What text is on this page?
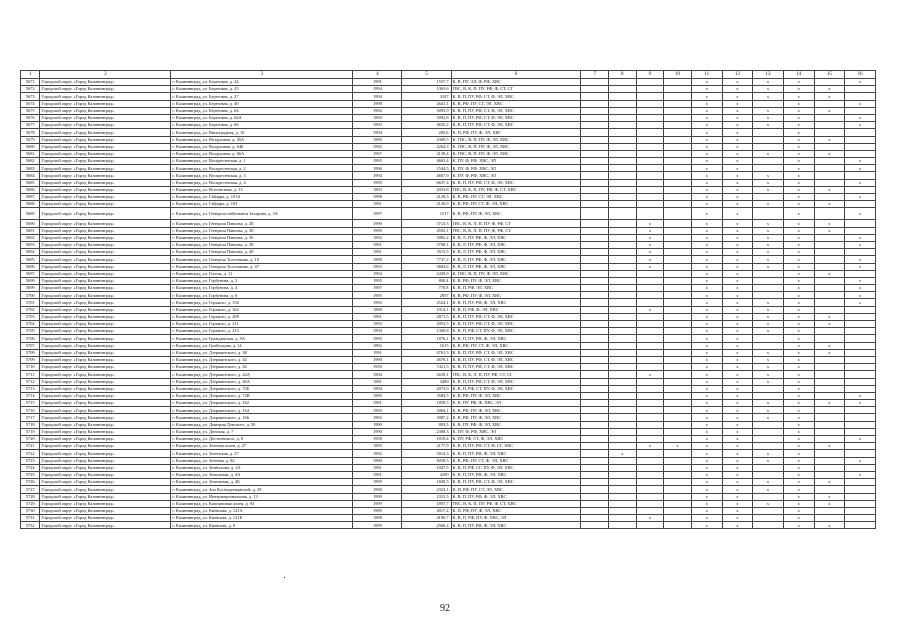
1	2	3	4	5	6	7	8	9	10	11	12	13	14	15	16
5671	Городской округ «Город Калининград»	г. Калининград, ул. Береговая, д. 24	1991	1557,7	К, В, ПУ, ЭЛ, Ф, РФ, ХВС					х	х	х	х		х
5672	Городской округ «Город Калининград»	г. Калининград, ул. Береговая, д. 25	1994	1365,6	ГВС, В, К, П, ПУ, РФ, Ф, СТ, СГ					х	х	х	х	х	
5673	Городской округ «Город Калининград»	г. Калининград, ул. Береговая, д. 27	1994	3107	К, В, П, ПУ, РФ, СТ, Ф, ЭЛ, ХВС					х	х	х	х	х	
5674	Городской округ «Город Калининград»	г. Калининград, ул. Береговая, д. 40	1998	2641,1	К, В, РФ, ПУ, СТ, ЭЛ, ХВС					х	х		х		х
5675	Городской округ «Город Калининград»	г. Калининград, ул. Береговая, д. 64	1992	3093,9	К, В, П, ПУ, РФ, СТ, Ф, ЭЛ, ХВС					х	х	х	х	х	
5676	Городской округ «Город Калининград»	г. Калининград, ул. Береговая, д. 64А	1994	3092,8	К, В, П, ПУ, РФ, СТ, Ф, ЭЛ, ХВС					х	х	х	х		х
5677	Городской округ «Город Калининград»	г. Калининград, ул. Береговая, д. 66	1993	4635,2	К, В, П, ПУ, РФ, СТ, Ф, ЭЛ, ХВС					х	х	х	х		х
5678	Городской округ «Город Калининград»	г. Калининград, ул. Виноградная, д. 10	1994	285,6	К, П, РФ, ПУ, Ф, ЭЛ, ХВС					х	х		х		
5679	Городской округ «Город Калининград»	г. Калининград, ул. Воздушная, д. 45А	1995	2369,5	К, ГВС, В, П, ПУ, Ф, ЭЛ, ХВС					х	х		х	х	
5680	Городской округ «Город Калининград»	г. Калининград, ул. Воздушная, д. 64Б	1992	2264,3	К, ГВС, В, П, ПУ, Ф, ЭЛ, ХВС					х	х		х		
5681	Городской округ «Город Калининград»	г. Калининград, ул. Воздушная, д. 66А	1997	2139,4	К, ГВС, В, П, ПУ, Ф, ЭЛ, ХВС					х	х	х	х	х	
5682	Городской округ «Город Калининград»	г. Калининград, ул. Воскресенская, д. 1	1995	4663,4	К, ПУ, Ф, РФ, ХВС, ЭЛ					х	х		х		х
5683	Городской округ «Город Калининград»	г. Калининград, ул. Воскресенская, д. 2	1996	1544,5	К, ПУ, Ф, РФ, ХВС, ЭЛ					х	х		х		х
5684	Городской округ «Город Калининград»	г. Калининград, ул. Воскресенская, д. 3	1994	4667,9	К, ПУ, Ф, РФ, ХВС, ЭЛ					х	х	х	х		
5685	Городской округ «Город Калининград»	г. Калининград, ул. Воскресенская, д. 4	1995	6637,4	К, В, П, ПУ, РФ, СТ, Ф, ЭЛ, ХВС					х	х	х	х		х
5686	Городской округ «Город Калининград»	г. Калининград, ул. Всесоюзная, д. 13	1993	2033,8	ГВС, В, К, П, ПУ, РФ, Ф, СТ, ХВС					х	х	х	х	х	
5687	Городской округ «Город Калининград»	г. Калининград, ул. Гайдара, д. 101А	1998	2128,3	К, В, РФ, ПУ, СТ, ЭЛ, ХВС					х	х		х		х
5688	Городской округ «Город Калининград»	г. Калининград, ул. Гайдара, д. 103	1991	2120,9	К, В, РФ, ПУ, СТ, Ф, ЭЛ, ХВС					х	х	х	х	х	
5689	Городской округ «Город Калининград»	г. Калининград, ул. Генерала-лейтенанта Захарова, д. 3А	1997	1517	К, В, РФ, ПУ, Ф, ЭЛ, ХВС					х	х		х		х
5690	Городской округ «Город Калининград»	г. Калининград, ул. Генерала Павлова, д. 28	1990	3713,3	ГВС, В, К, Л, П, ПУ, Ф, РФ, СТ			х		х	х	х	х	х	
5691	Городской округ «Город Калининград»	г. Калининград, ул. Генерала Павлова, д. 30	1990	4592,1	ГВС, В, К, Л, П, ПУ, Ф, РФ, СТ			х		х	х	х	х	х	
5692	Городской округ «Город Калининград»	г. Калининград, ул. Генерала Павлова, д. 36	1992	3082,2	К, В, Л, ПУ, РФ, Ф, ЭЛ, ХВС			х		х	х	х	х		х
5693	Городской округ «Город Калининград»	г. Калининград, ул. Генерала Павлова, д. 38	1991	3708,1	К, В, Л, ПУ, РФ, Ф, ЭЛ, ХВС			х		х	х	х	х		х
5694	Городской округ «Город Калининград»	г. Калининград, ул. Генерала Павлова, д. 40	1991	3513,5	К, В, Л, ПУ, РФ, Ф, ЭЛ, ХВС			х		х	х	х	х		
5695	Городской округ «Город Калининград»	г. Калининград, ул. Генерала Толстикова, д. 19	1990	7737,2	К, В, Л, ПУ, РФ, Ф, ЭЛ, ХВС			х		х	х	х	х		х
5696	Городской округ «Город Калининград»	г. Калининград, ул. Генерала Толстикова, д. 47	1993	5684,6	К, В, Л, ПУ, РФ, Ф, ЭЛ, ХВС			х		х	х	х	х		х
5697	Городской округ «Город Калининград»	г. Калининград, ул. Гоголя, д. 11	1994	2439,9	К, ГВС, В, П, ПУ, Ф, ЭЛ, ХВС					х	х		х	х	
5698	Городской округ «Город Калининград»	г. Калининград, ул. Горбунова, д. 2	1995	800,4	К, В, РФ, ПУ, Ф, ЭЛ, ХВС					х	х		х		х
5699	Городской округ «Город Калининград»	г. Калининград, ул. Горбунова, д. 4	1997	770,8	К, В, П, РФ, ЭЛ, ХВС					х	х		х		х
5700	Городской округ «Город Калининград»	г. Калининград, ул. Горбунова, д. 6	1995	2957	К, В, РФ, ПУ, Ф, ЭЛ, ХВС					х	х		х		х
5701	Городской округ «Город Калининград»	г. Калининград, ул. Горького, д. 156	1993	2524,1	К, В, П, ПУ, РФ, Ф, ЭЛ, ХВС					х	х	х	х		х
5702	Городской округ «Город Калининград»	г. Калининград, ул. Горького, д. 162	1990	1014,1	К, В, П, РФ, Ф, ЭЛ, ХВС			х		х	х	х	х		
5703	Городской округ «Город Калининград»	г. Калининград, ул. Горького, д. 209	1991	2871,5	К, В, П, ПУ, РФ, СТ, Ф, ЭЛ, ХВС					х	х	х	х	х	
5704	Городской округ «Город Калининград»	г. Калининград, ул. Горького, д. 211	1993	2053,5	К, В, П, ПУ, РФ, СТ, Ф, ЭЛ, ХВС					х	х	х	х	х	
5705	Городской округ «Город Калининград»	г. Калининград, ул. Горького, д. 213	1994	1360,8	К, В, П, РФ, СТ, ПУ, Ф, ЭЛ, ХВС					х	х	х	х		
5706	Городской округ «Город Калининград»	г. Калининград, ул. Гражданская, д. 9А	1995	1876,1	К, В, П, ПУ, РФ, Ф, ЭЛ, ХВС					х	х		х		
5707	Городской округ «Город Калининград»	г. Калининград, ул. Грибоедова, д. 14	1892	1015	К, В, РФ, ПУ, СТ, Ф, ЭЛ, ХВС					х	х		х	х	
5708	Городской округ «Город Калининград»	г. Калининград, ул. Дзержинского, д. 38	1991	4761,5	К, В, П, ПУ, РФ, СТ, Ф, ЭЛ, ХВС					х	х	х	х	х	
5709	Городской округ «Город Калининград»	г. Калининград, ул. Дзержинского, д. 42	1990	4676,1	К, В, П, ПУ, РФ, СТ, Ф, ЭЛ, ХВС					х	х	х	х		
5710	Городской округ «Город Калининград»	г. Калининград, ул. Дзержинского, д. 44	1950	7421,5	К, В, П, ПУ, РФ, СТ, Ф, ЭЛ, ХВС					х	х	х	х		
5711	Городской округ «Город Калининград»	г. Калининград, ул. Дзержинского, д. 44А	1994	2639,1	ГВС, В, К, Л, П, ПУ, РФ, СТ, СГ			х		х	х	х	х		
5712	Городской округ «Город Калининград»	г. Калининград, ул. Дзержинского, д. 46А	1991	3489	К, В, П, ПУ, РФ, СТ, Ф, ЭЛ, ХВС					х	х	х	х		
5713	Городской округ «Город Калининград»	г. Калининград, ул. Дзержинского, д. 72Б	1994	2073,9	К, В, П, РФ, СТ, ПУ, Ф, ЭЛ, ХВС					х	х		х		
5714	Городской округ «Город Калининград»	г. Калининград, ул. Дзержинского, д. 72В	1995	3584,5	К, В, РФ, ПУ, Ф, ЭЛ, ХВС					х	х		х		х
5715	Городской округ «Город Калининград»	г. Калининград, ул. Дзержинского, д. 162	1991	1859,5	К, В, ПУ, РФ, Ф, ХВС, ЭЛ					х	х	х	х	х	х
5716	Городской округ «Город Калининград»	г. Калининград, ул. Дзержинского, д. 164	1993	3084,1	К, В, РФ, ПУ, Ф, ЭЛ, ХВС					х	х	х	х		
5717	Городской округ «Город Калининград»	г. Калининград, ул. Дзержинского, д. 166	1993	3087,2	К, В, РФ, ПУ, Ф, ЭЛ, ХВС					х	х	х	х		
5718	Городской округ «Город Калининград»	г. Калининград, ул. Дмитрия Донского, д. 50	1990	803,5	К, В, ПУ, РФ, Ф, ЭЛ, ХВС					х	х		х		
5719	Городской округ «Город Калининград»	г. Калининград, ул. Донская, д. 7	1990	2308,3	К, ПУ, Ф, РФ, ХВС, ЭЛ					х	х		х		
5720	Городской округ «Город Калининград»	г. Калининград, ул. Достоевского, д. 8	1958	1819,4	К, ПУ, РФ, СТ, Ф, ЭЛ, ХВС					х	х		х		х
5721	Городской округ «Город Калининград»	г. Калининград, ул. Зеленая аллея, д. 27	1995	2177,9	К, В, П, ПУ, РФ, СТ, Ф, СГ, ХВС			х	х	х	х		х	х	
5722	Городской округ «Город Калининград»	г. Калининград, ул. Зеленская, д. 27	1992	5014,3	К, В, П, ПУ, РФ, Ф, ЭЛ, ХВС		х			х	х	х	х		
5723	Городской округ «Город Калининград»	г. Калининград, ул. Зеленая, д. 82	1990	6050,5	К, В, РФ, ПУ, СТ, Ф, ЭЛ, ХВС					х	х	х	х		х
5724	Городской округ «Город Калининград»	г. Калининград, ул. Земнухова, д. 2А	1991	1047,5	К, В, П, РФ, СГ, ПУ, Ф, ЭЛ, ХВС					х	х		х		
5725	Городской округ «Город Калининград»	г. Калининград, ул. Земельная, д. 4А	1991	4290	К, В, П, ПУ, РФ, Ф, ЭЛ, ХВС					х	х		х		х
5726	Городской округ «Город Калининград»	г. Калининград, ул. Земельная, д. 4Б	1999	1849,5	К, В, П, ПУ, РФ, СТ, Ф, ЭЛ, ХВС					х	х	х	х	х	
5727	Городской округ «Город Калининград»	г. Калининград, ул. Зои Космодемьянской, д. 29	1990	2323,1	К, П, РФ, ПУ, СТ, ЭЛ, ХВС					х	х	х	х		
5728	Городской округ «Город Калининград»	г. Калининград, ул. Интернациональная, д. 13	1999	2315,5	К, В, П, ПУ, РФ, Ф, ЭЛ, ХВС					х	х		х	х	
5729	Городской округ «Город Калининград»	г. Калининград, ул. Каштановая аллея, д. 93	1999	1897,7	ГВС, В, К, П, ПУ, РФ, Ф, СТ, ХВС					х	х	х	х	х	
5730	Городской округ «Город Калининград»	г. Калининград, ул. Киевская, д. 121А	1989	4017,4	К, П, РФ, ПУ, Ф, ЭЛ, ХВС					х	х		х		
5731	Городской округ «Город Калининград»	г. Калининград, ул. Киевская, д. 121Б	1998	4196,7	К, В, П, РФ, ПУ, Ф, ХВС, ЭЛ			х		х	х		х		
5732	Городской округ «Город Калининград»	г. Калининград, ул. Киевская, д. 8	1999	2560,2	К, В, П, ПУ, РФ, Ф, ЭЛ, ХВС					х	х		х	х	
92
